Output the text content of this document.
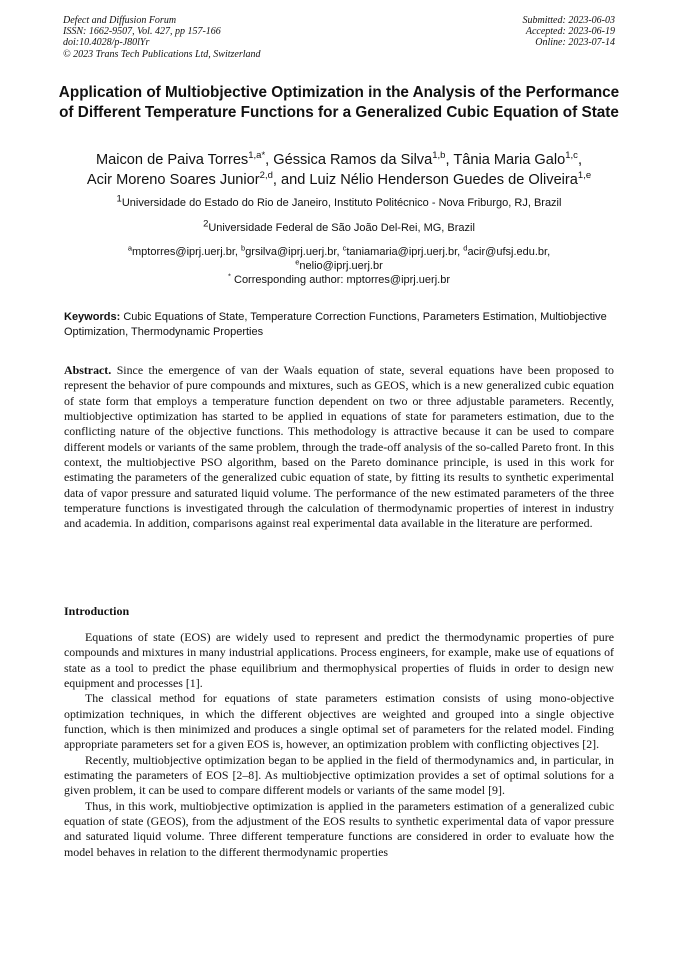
Defect and Diffusion Forum
ISSN: 1662-9507, Vol. 427, pp 157-166
doi:10.4028/p-J80lYr
© 2023 Trans Tech Publications Ltd, Switzerland
Submitted: 2023-06-03
Accepted: 2023-06-19
Online: 2023-07-14
Application of Multiobjective Optimization in the Analysis of the Performance of Different Temperature Functions for a Generalized Cubic Equation of State
Maicon de Paiva Torres$^{1,a*}$, Géssica Ramos da Silva$^{1,b}$, Tânia Maria Galo$^{1,c}$,
Acir Moreno Soares Junior$^{2,d}$, and Luiz Nélio Henderson Guedes de Oliveira$^{1,e}$
$^1$Universidade do Estado do Rio de Janeiro, Instituto Politécnico - Nova Friburgo, RJ, Brazil
$^2$Universidade Federal de São João Del-Rei, MG, Brazil
$^a$mptorres@iprj.uerj.br, $^b$grsilva@iprj.uerj.br, $^c$taniamaria@iprj.uerj.br, $^d$acir@ufsj.edu.br,
$^e$nelio@iprj.uerj.br
* Corresponding author: mptorres@iprj.uerj.br
Keywords: Cubic Equations of State, Temperature Correction Functions, Parameters Estimation, Multiobjective Optimization, Thermodynamic Properties
Abstract. Since the emergence of van der Waals equation of state, several equations have been proposed to represent the behavior of pure compounds and mixtures, such as GEOS, which is a new generalized cubic equation of state form that employs a temperature function dependent on two or three adjustable parameters. Recently, multiobjective optimization has started to be applied in equations of state for parameters estimation, due to the conflicting nature of the objective functions. This methodology is attractive because it can be used to compare different models or variants of the same problem, through the trade-off analysis of the so-called Pareto front. In this context, the multiobjective PSO algorithm, based on the Pareto dominance principle, is used in this work for estimating the parameters of the generalized cubic equation of state, by fitting its results to synthetic experimental data of vapor pressure and saturated liquid volume. The performance of the new estimated parameters of the three temperature functions is investigated through the calculation of thermodynamic properties of interest in industry and academia. In addition, comparisons against real experimental data available in the literature are performed.
Introduction

Equations of state (EOS) are widely used to represent and predict the thermodynamic properties of pure compounds and mixtures in many industrial applications. Process engineers, for example, make use of equations of state as a tool to predict the phase equilibrium and thermophysical properties of fluids in order to design new equipment and processes [1].

The classical method for equations of state parameters estimation consists of using mono-objective optimization techniques, in which the different objectives are weighted and grouped into a single objective function, which is then minimized and produces a single optimal set of parameters for the related model. Finding appropriate parameters set for a given EOS is, however, an optimization problem with conflicting objectives [2].

Recently, multiobjective optimization began to be applied in the field of thermodynamics and, in particular, in estimating the parameters of EOS [2–8]. As multiobjective optimization provides a set of optimal solutions for a given problem, it can be used to compare different models or variants of the same model [9].

Thus, in this work, multiobjective optimization is applied in the parameters estimation of a generalized cubic equation of state (GEOS), from the adjustment of the EOS results to synthetic experimental data of vapor pressure and saturated liquid volume. Three different temperature functions are considered in order to evaluate how the model behaves in relation to the different thermodynamic properties
